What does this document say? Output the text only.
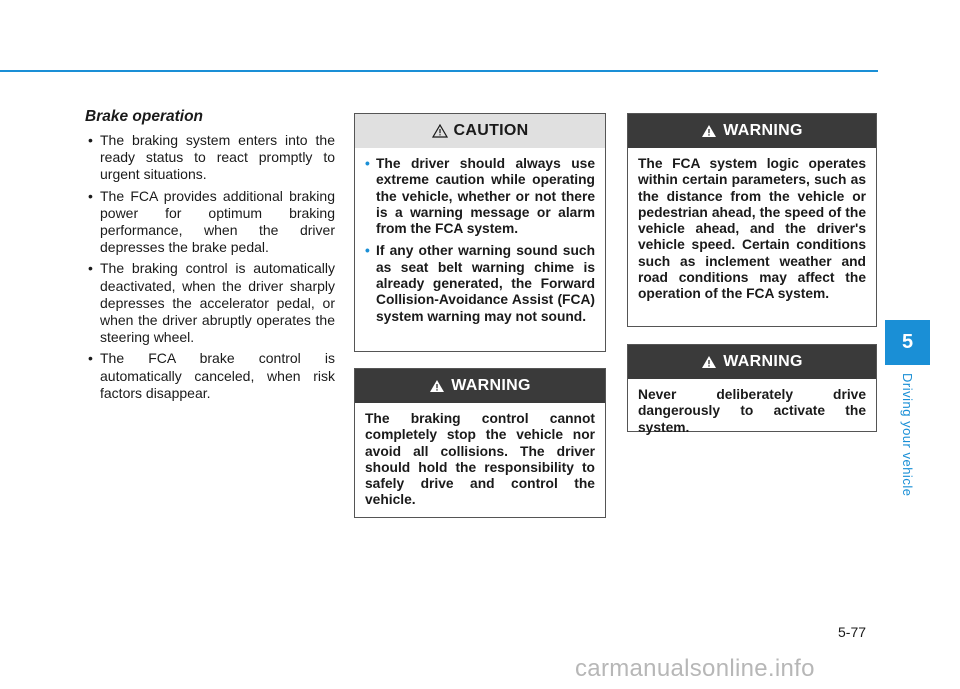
Brake operation
• The braking system enters into the ready status to react promptly to urgent situations.
• The FCA provides additional braking power for optimum braking performance, when the driver depresses the brake pedal.
• The braking control is automatically deactivated, when the driver sharply depresses the accelerator pedal, or when the driver abruptly operates the steering wheel.
• The FCA brake control is automatically canceled, when risk factors disappear.
CAUTION
• The driver should always use extreme caution while operating the vehicle, whether or not there is a warning message or alarm from the FCA system.
• If any other warning sound such as seat belt warning chime is already generated, the Forward Collision-Avoidance Assist (FCA) system warning may not sound.
WARNING
The braking control cannot completely stop the vehicle nor avoid all collisions. The driver should hold the responsibility to safely drive and control the vehicle.
WARNING
The FCA system logic operates within certain parameters, such as the distance from the vehicle or pedestrian ahead, the speed of the vehicle ahead, and the driver's vehicle speed. Certain conditions such as inclement weather and road conditions may affect the operation of the FCA system.
WARNING
Never deliberately drive dangerously to activate the system.
5
Driving your vehicle
5-77
carmanualsonline.info
